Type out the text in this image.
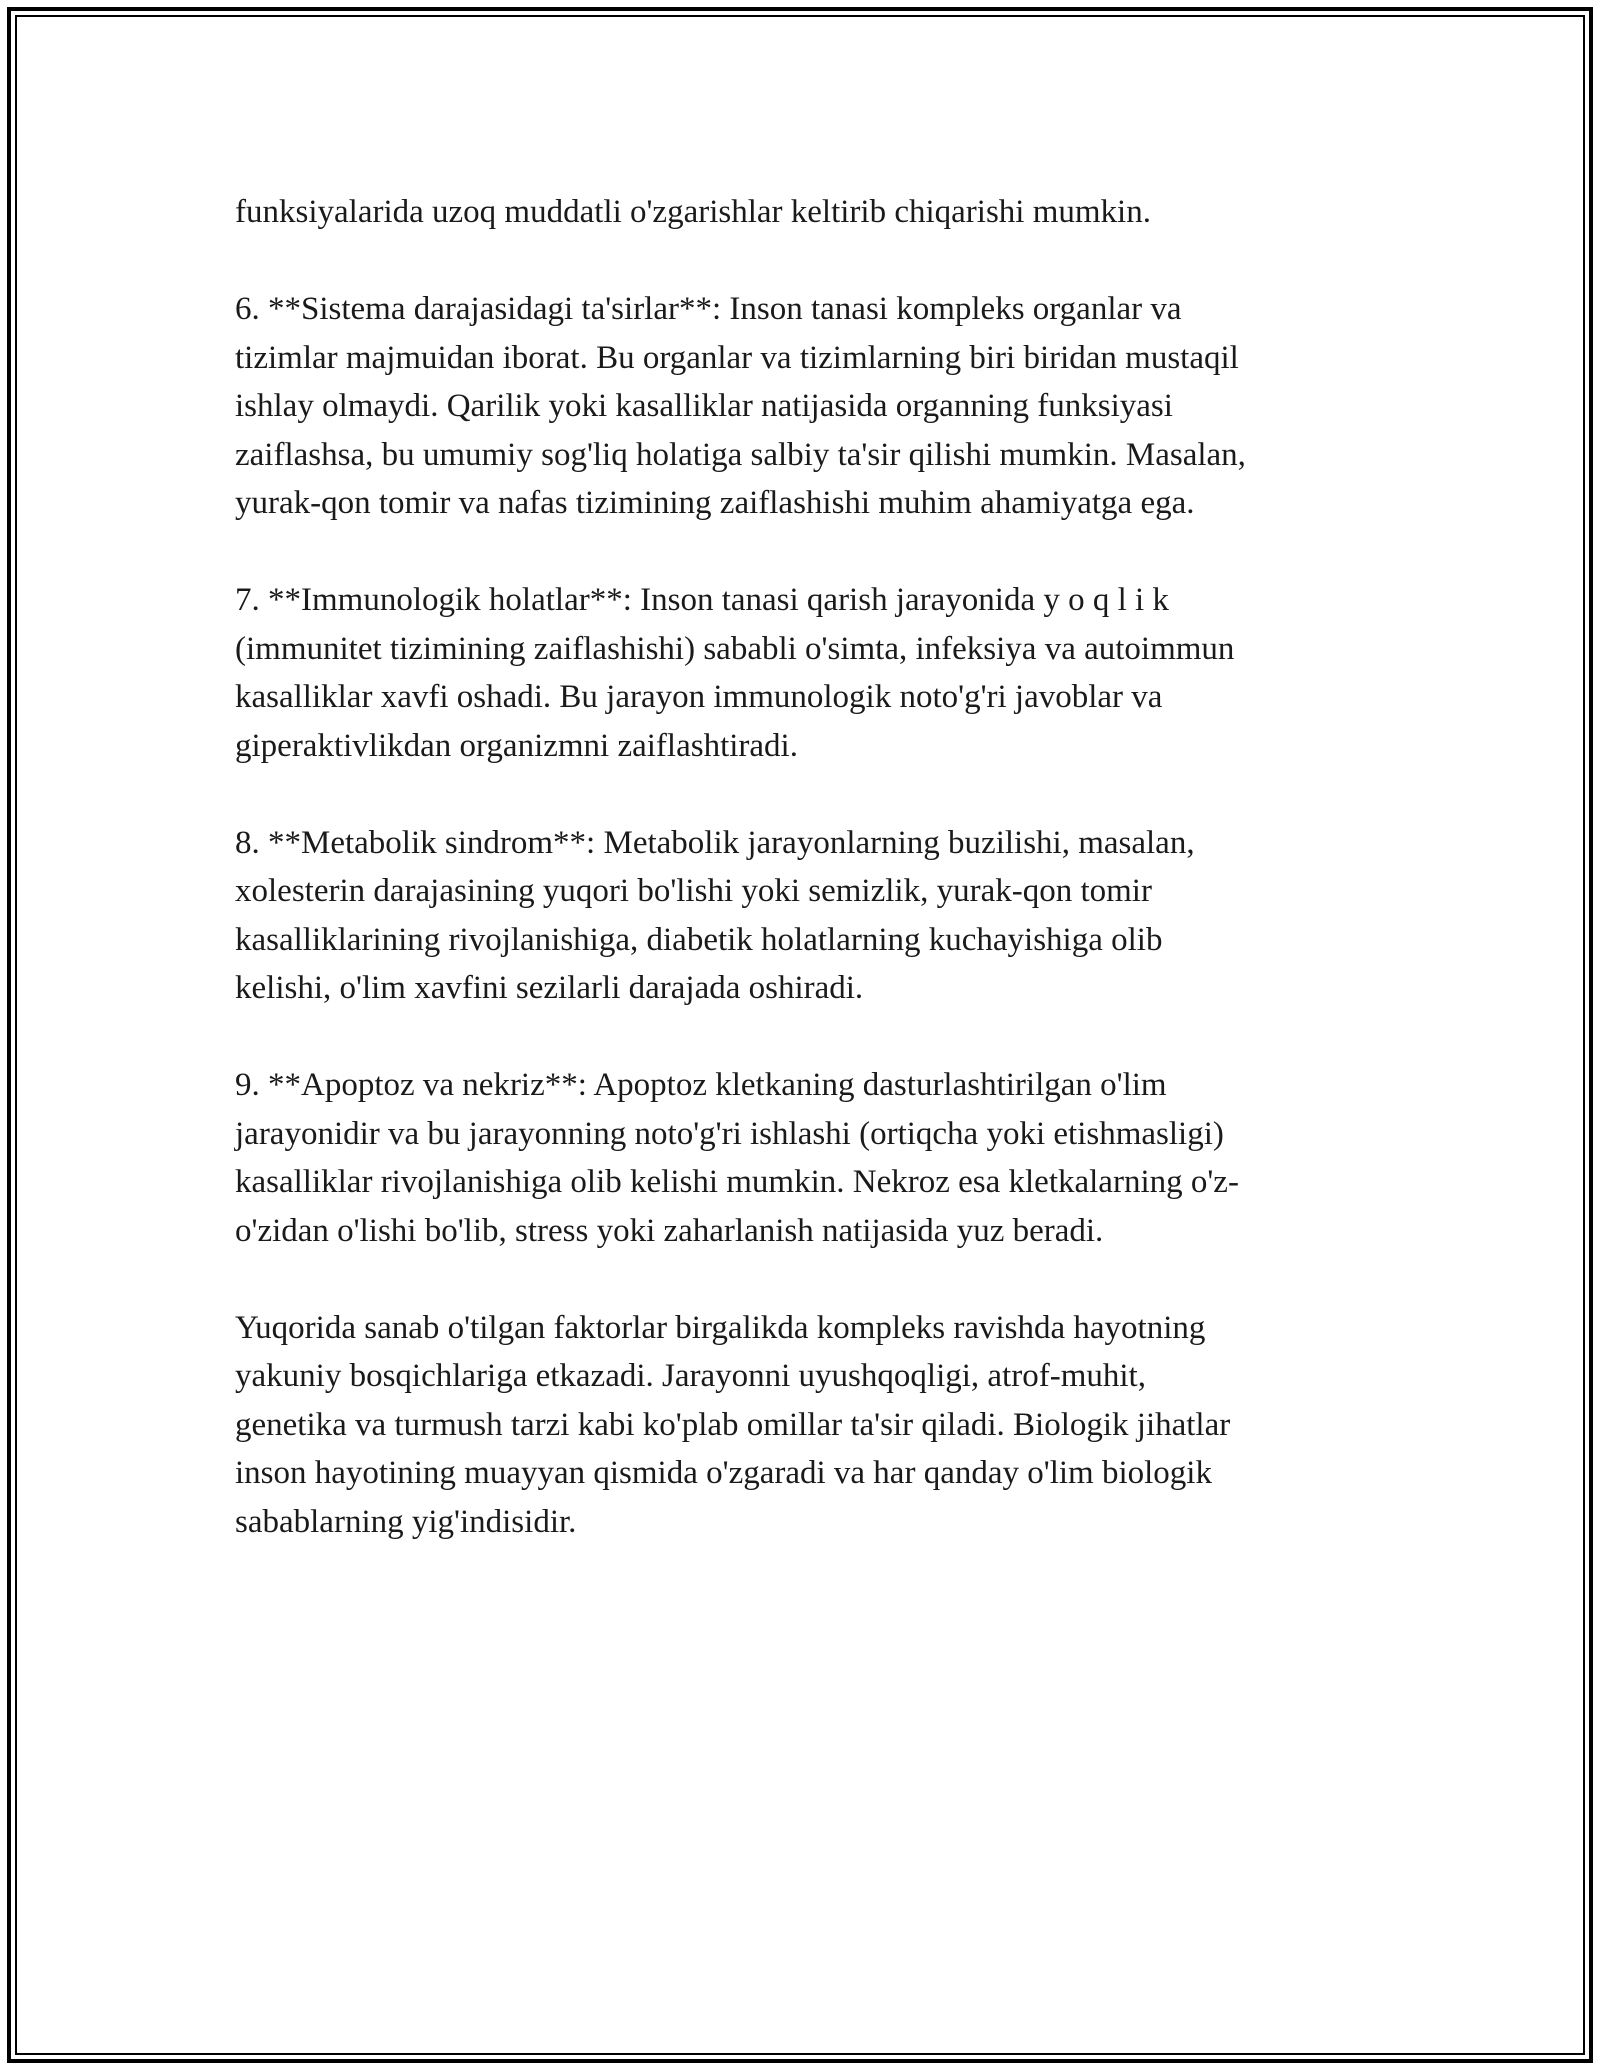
funksiyalarida uzoq muddatli o'zgarishlar keltirib chiqarishi mumkin.

6. **Sistema darajasidagi ta'sirlar**: Inson tanasi kompleks organlar va
tizimlar majmuidan iborat. Bu organlar va tizimlarning biri biridan mustaqil
ishlay olmaydi. Qarilik yoki kasalliklar natijasida organning funksiyasi
zaiflashsa, bu umumiy sog'liq holatiga salbiy ta'sir qilishi mumkin. Masalan,
yurak-qon tomir va nafas tizimining zaiflashishi muhim ahamiyatga ega.

7. **Immunologik holatlar**: Inson tanasi qarish jarayonida y o q l i k
(immunitet tizimining zaiflashishi) sababli o'simta, infeksiya va autoimmun
kasalliklar xavfi oshadi. Bu jarayon immunologik noto'g'ri javoblar va
giperaktivlikdan organizmni zaiflashtiradi.

8. **Metabolik sindrom**: Metabolik jarayonlarning buzilishi, masalan,
xolesterin darajasining yuqori bo'lishi yoki semizlik, yurak-qon tomir
kasalliklarining rivojlanishiga, diabetik holatlarning kuchayishiga olib
kelishi, o'lim xavfini sezilarli darajada oshiradi.

9. **Apoptoz va nekriz**: Apoptoz kletkaning dasturlashtirilgan o'lim
jarayonidir va bu jarayonning noto'g'ri ishlashi (ortiqcha yoki etishmasligi)
kasalliklar rivojlanishiga olib kelishi mumkin. Nekroz esa kletkalarning o'z-
o'zidan o'lishi bo'lib, stress yoki zaharlanish natijasida yuz beradi.

Yuqorida sanab o'tilgan faktorlar birgalikda kompleks ravishda hayotning
yakuniy bosqichlariga etkazadi. Jarayonni uyushqoqligi, atrof-muhit,
genetika va turmush tarzi kabi ko'plab omillar ta'sir qiladi. Biologik jihatlar
inson hayotining muayyan qismida o'zgaradi va har qanday o'lim biologik
sabablarning yig'indisidir.
